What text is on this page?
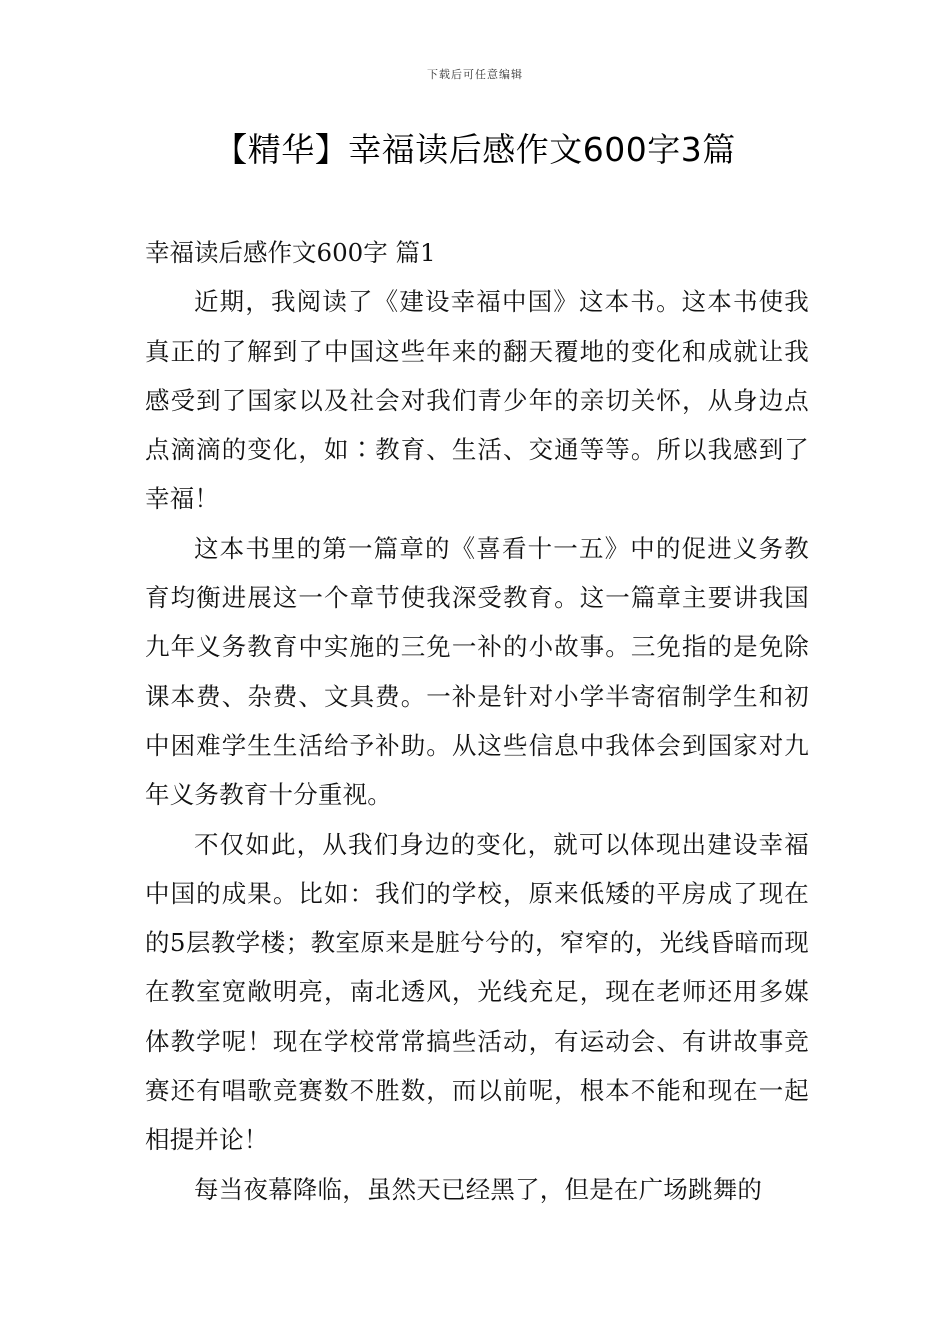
下载后可任意编辑
【精华】幸福读后感作文600字3篇
幸福读后感作文600字 篇1

近期，我阅读了《建设幸福中国》这本书。这本书使我真正的了解到了中国这些年来的翻天覆地的变化和成就让我感受到了国家以及社会对我们青少年的亲切关怀，从身边点点滴滴的变化，如∶教育、生活、交通等等。所以我感到了幸福！

这本书里的第一篇章的《喜看十一五》中的促进义务教育均衡进展这一个章节使我深受教育。这一篇章主要讲我国九年义务教育中实施的三免一补的小故事。三免指的是免除课本费、杂费、文具费。一补是针对小学半寄宿制学生和初中困难学生生活给予补助。从这些信息中我体会到国家对九年义务教育十分重视。

不仅如此，从我们身边的变化，就可以体现出建设幸福中国的成果。比如：我们的学校，原来低矮的平房成了现在的5层教学楼；教室原来是脏兮兮的，窄窄的，光线昏暗而现在教室宽敞明亮，南北透风，光线充足，现在老师还用多媒体教学呢！现在学校常常搞些活动，有运动会、有讲故事竞赛还有唱歌竞赛数不胜数，而以前呢，根本不能和现在一起相提并论！

每当夜幕降临，虽然天已经黑了，但是在广场跳舞的
